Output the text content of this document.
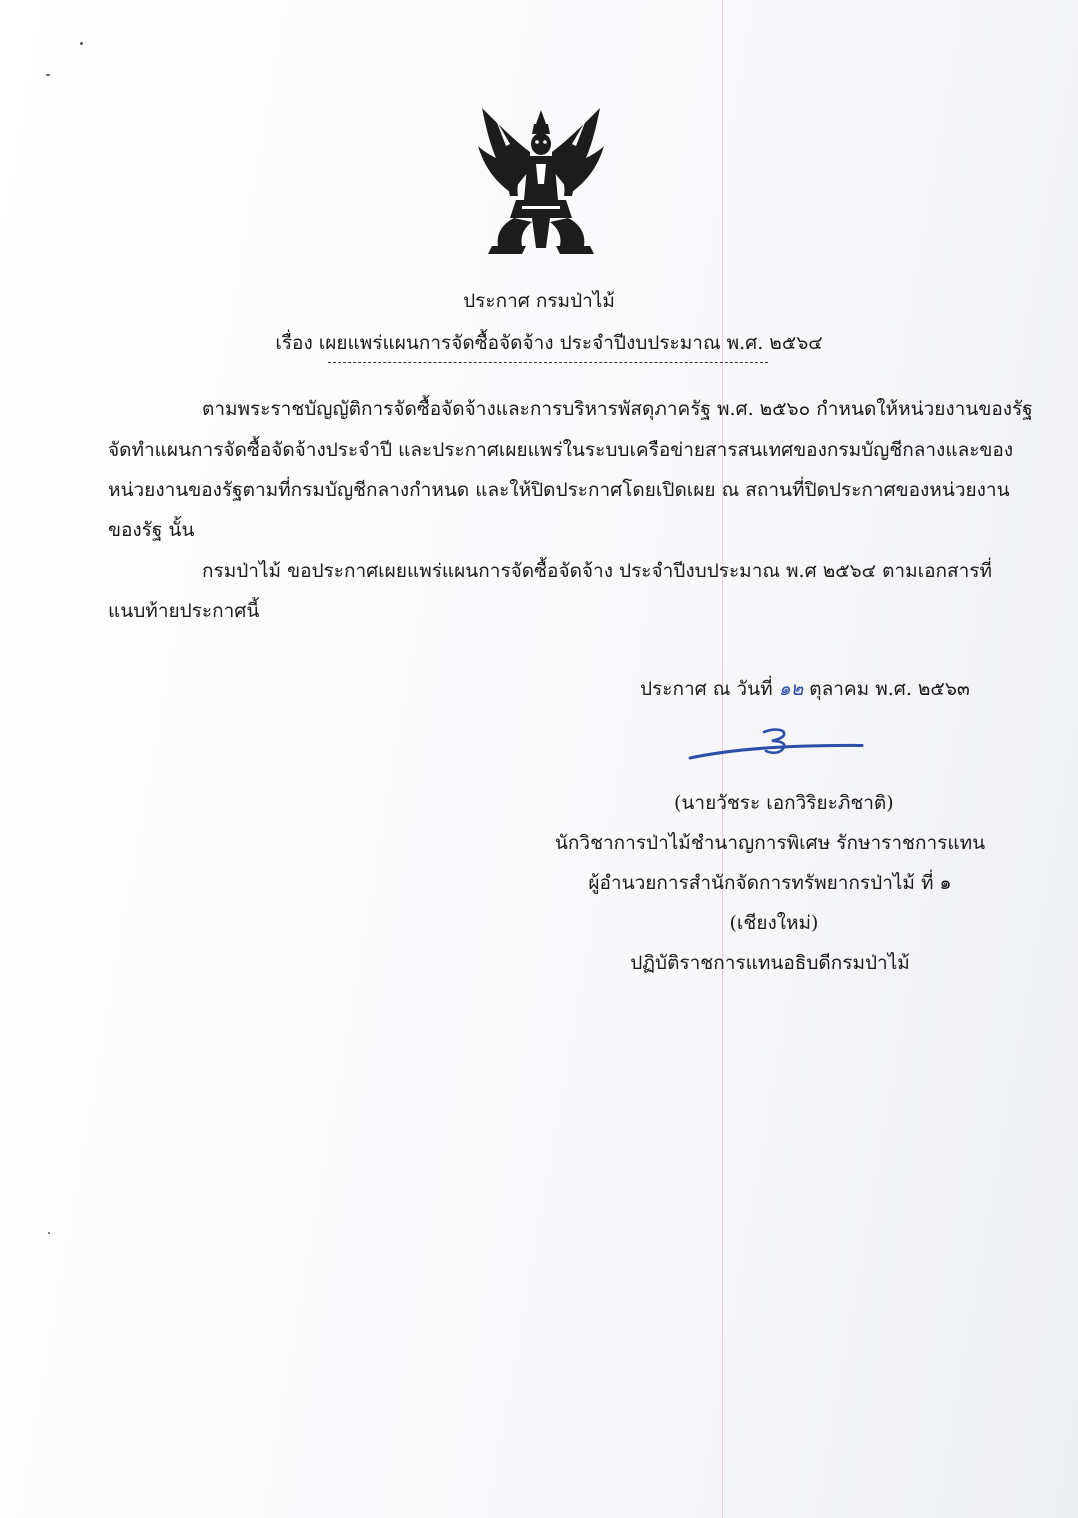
ประกาศ กรมป่าไม้
เรื่อง เผยแพร่แผนการจัดซื้อจัดจ้าง ประจำปีงบประมาณ พ.ศ. ๒๕๖๔
ตามพระราชบัญญัติการจัดซื้อจัดจ้างและการบริหารพัสดุภาครัฐ พ.ศ. ๒๕๖๐ กำหนดให้หน่วยงานของรัฐ
จัดทำแผนการจัดซื้อจัดจ้างประจำปี และประกาศเผยแพร่ในระบบเครือข่ายสารสนเทศของกรมบัญชีกลางและของ
หน่วยงานของรัฐตามที่กรมบัญชีกลางกำหนด และให้ปิดประกาศโดยเปิดเผย ณ สถานที่ปิดประกาศของหน่วยงาน
ของรัฐ นั้น
กรมป่าไม้ ขอประกาศเผยแพร่แผนการจัดซื้อจัดจ้าง ประจำปีงบประมาณ พ.ศ ๒๕๖๔ ตามเอกสารที่
แนบท้ายประกาศนี้
ประกาศ ณ วันที่ ๑๒ ตุลาคม พ.ศ. ๒๕๖๓
(นายวัชระ เอกวิริยะภิชาติ)
นักวิชาการป่าไม้ชำนาญการพิเศษ รักษาราชการแทน
ผู้อำนวยการสำนักจัดการทรัพยากรป่าไม้ ที่ ๑
(เชียงใหม่)
ปฏิบัติราชการแทนอธิบดีกรมป่าไม้
